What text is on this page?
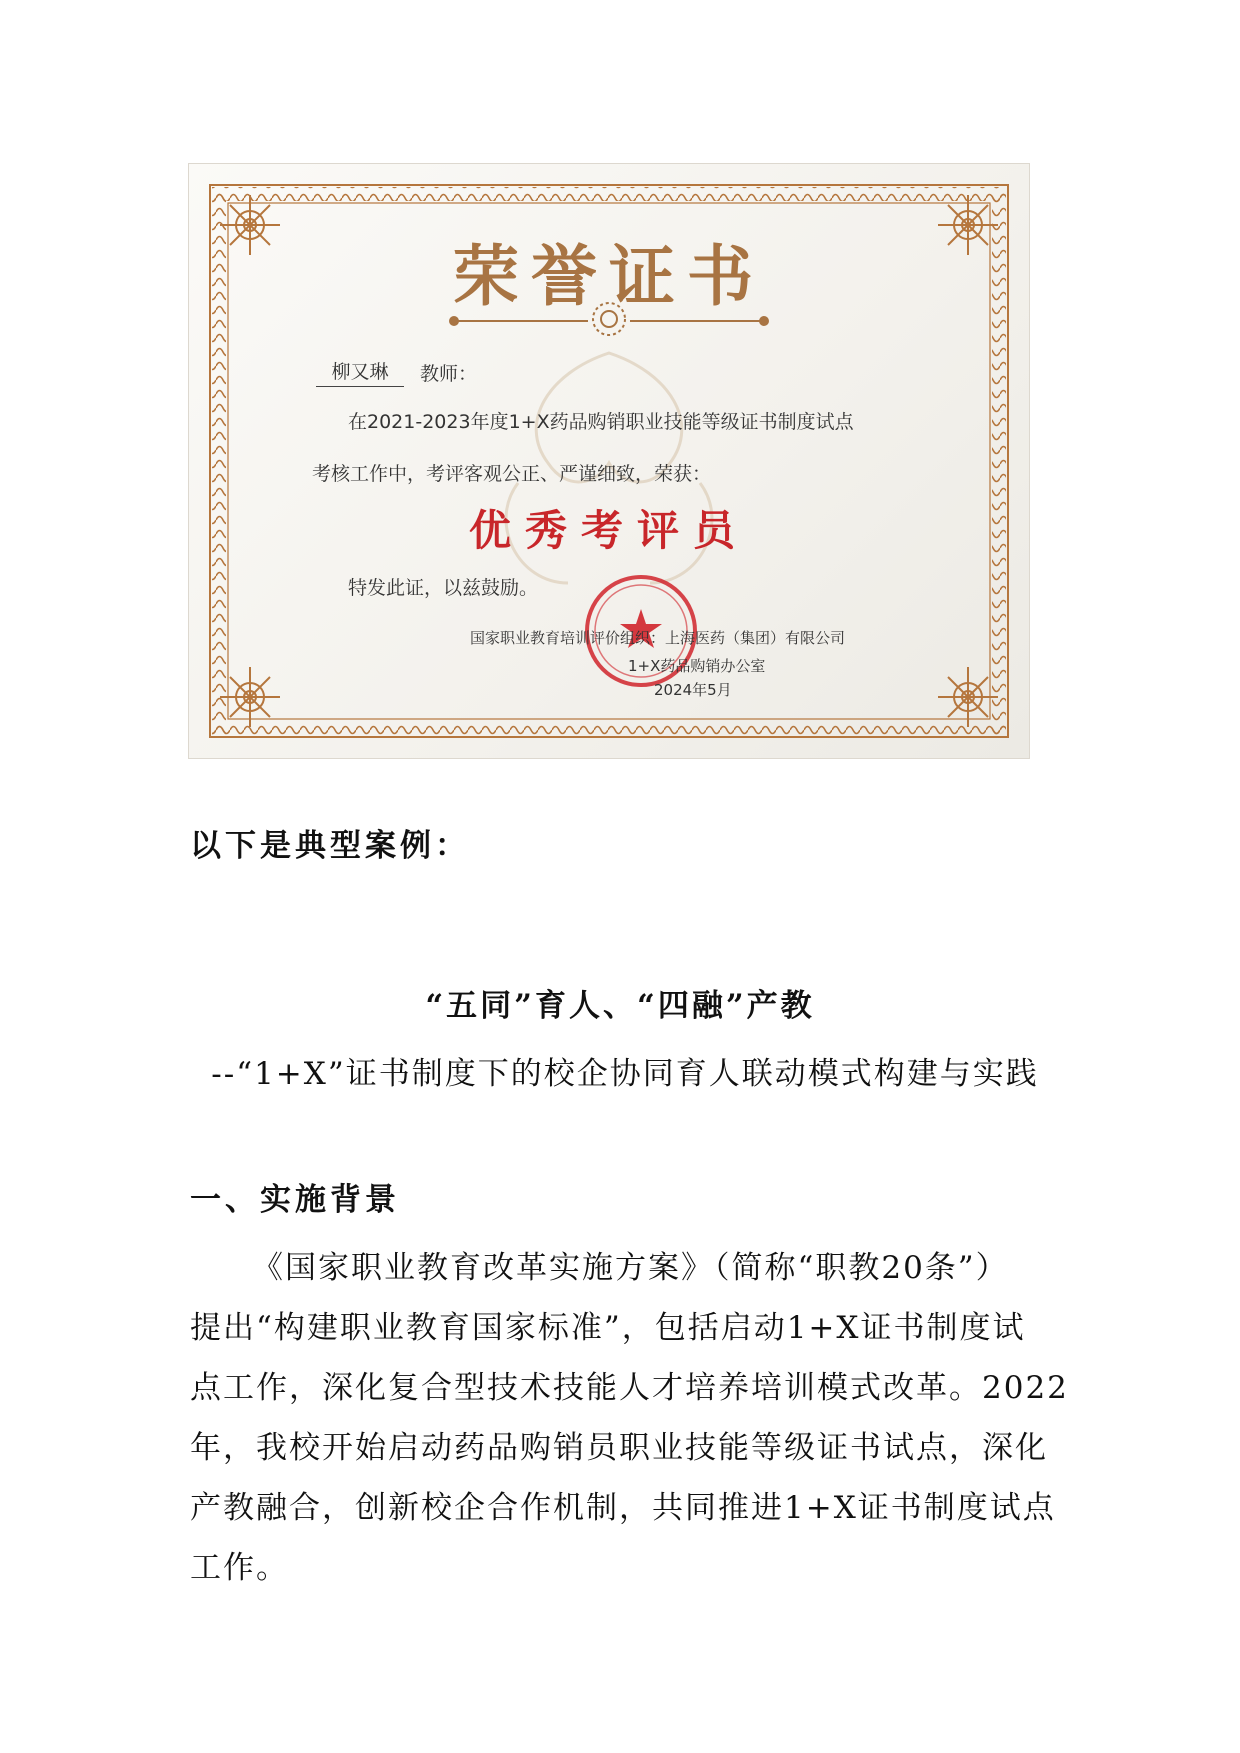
荣誉证书
柳又琳	教师：
在2021-2023年度1+X药品购销职业技能等级证书制度试点
考核工作中，考评客观公正、严谨细致，荣获：
优秀考评员
特发此证，以兹鼓励。
国家职业教育培训评价组织：上海医药（集团）有限公司
1+X药品购销办公室
2024年5月
以下是典型案例：
“五同”育人、“四融”产教
--“1+X”证书制度下的校企协同育人联动模式构建与实践
一、实施背景
《国家职业教育改革实施方案》（简称“职教20条”）
提出“构建职业教育国家标准”，包括启动1+X证书制度试
点工作，深化复合型技术技能人才培养培训模式改革。2022
年，我校开始启动药品购销员职业技能等级证书试点，深化
产教融合，创新校企合作机制，共同推进1+X证书制度试点
工作。
